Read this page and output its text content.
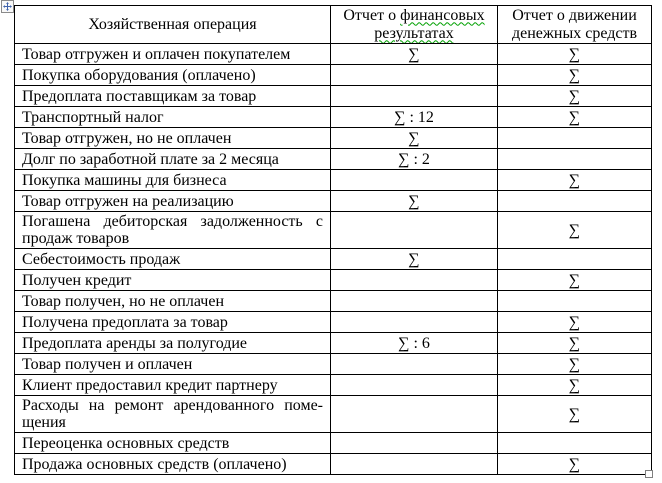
Хозяйственная операция	Отчет о финансовых результатах	Отчет о движении денежных средств
Товар отгружен и оплачен покупателем	∑	∑
Покупка оборудования (оплачено)		∑
Предоплата поставщикам за товар		∑
Транспортный налог	∑ : 12	∑
Товар отгружен, но не оплачен	∑	
Долг по заработной плате за 2 месяца	∑ : 2	
Покупка машины для бизнеса		∑
Товар отгружен на реализацию	∑	
Погашена дебиторская задолженность с продаж товаров		∑
Себестоимость продаж	∑	
Получен кредит		∑
Товар получен, но не оплачен		
Получена предоплата за товар		∑
Предоплата аренды за полугодие	∑ : 6	∑
Товар получен и оплачен		∑
Клиент предоставил кредит партнеру		∑
Расходы на ремонт арендованного поме-щения		∑
Переоценка основных средств		
Продажа основных средств (оплачено)		∑
